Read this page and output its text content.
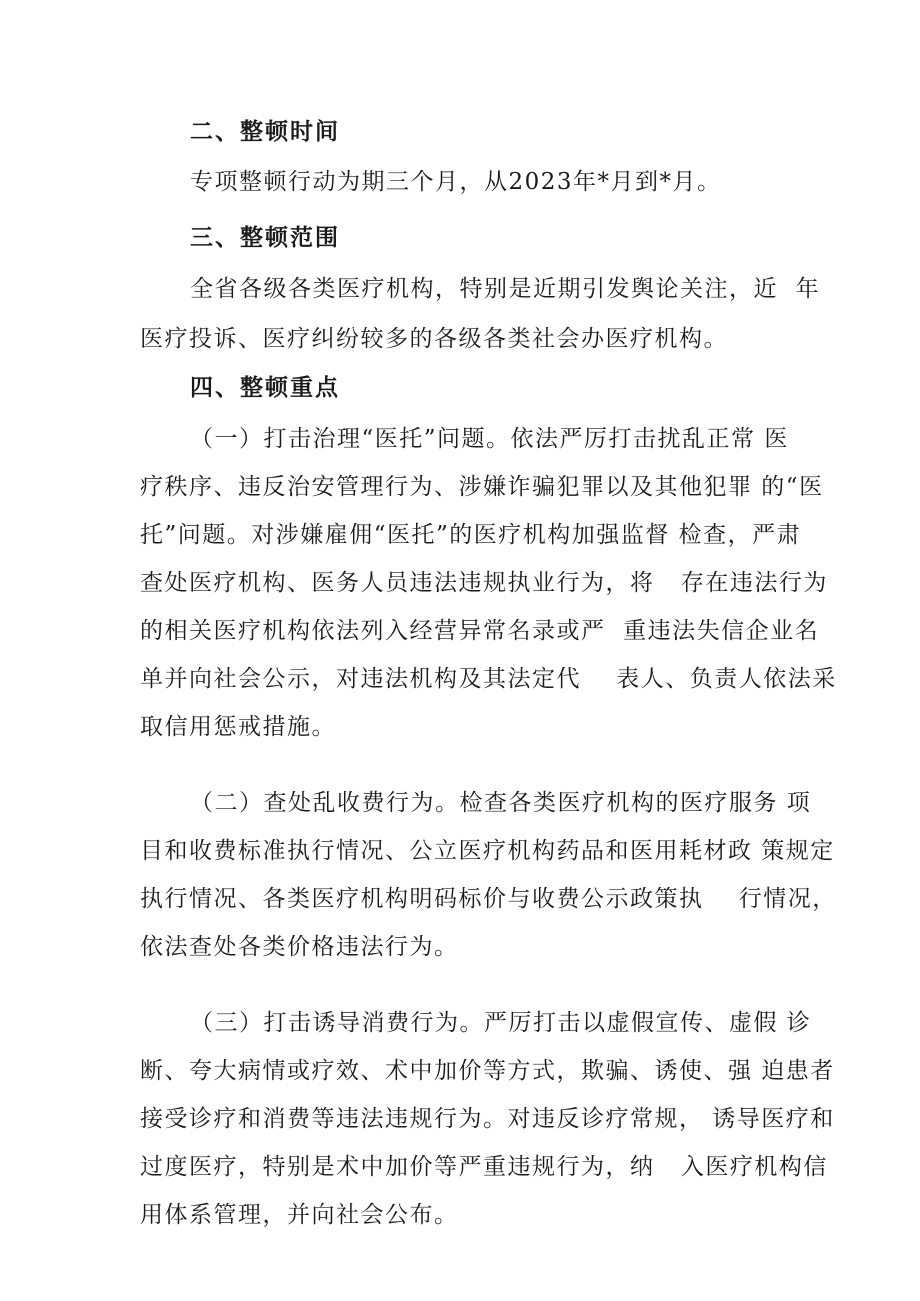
二、整顿时间
专项整顿行动为期三个月，从2023年*月到*月。
三、整顿范围
全省各级各类医疗机构，特别是近期引发舆论关注，近  年
医疗投诉、医疗纠纷较多的各级各类社会办医疗机构。
四、整顿重点
（一）打击治理“医托”问题。依法严厉打击扰乱正常 医
疗秩序、违反治安管理行为、涉嫌诈骗犯罪以及其他犯罪 的“医
托”问题。对涉嫌雇佣“医托”的医疗机构加强监督 检查，严肃
查处医疗机构、医务人员违法违规执业行为，将   存在违法行为
的相关医疗机构依法列入经营异常名录或严  重违法失信企业名
单并向社会公示，对违法机构及其法定代    表人、负责人依法采
取信用惩戒措施。
（二）查处乱收费行为。检查各类医疗机构的医疗服务 项
目和收费标准执行情况、公立医疗机构药品和医用耗材政 策规定
执行情况、各类医疗机构明码标价与收费公示政策执    行情况，
依法查处各类价格违法行为。
（三）打击诱导消费行为。严厉打击以虚假宣传、虚假 诊
断、夸大病情或疗效、术中加价等方式，欺骗、诱使、强 迫患者
接受诊疗和消费等违法违规行为。对违反诊疗常规， 诱导医疗和
过度医疗，特别是术中加价等严重违规行为，纳   入医疗机构信
用体系管理，并向社会公布。
